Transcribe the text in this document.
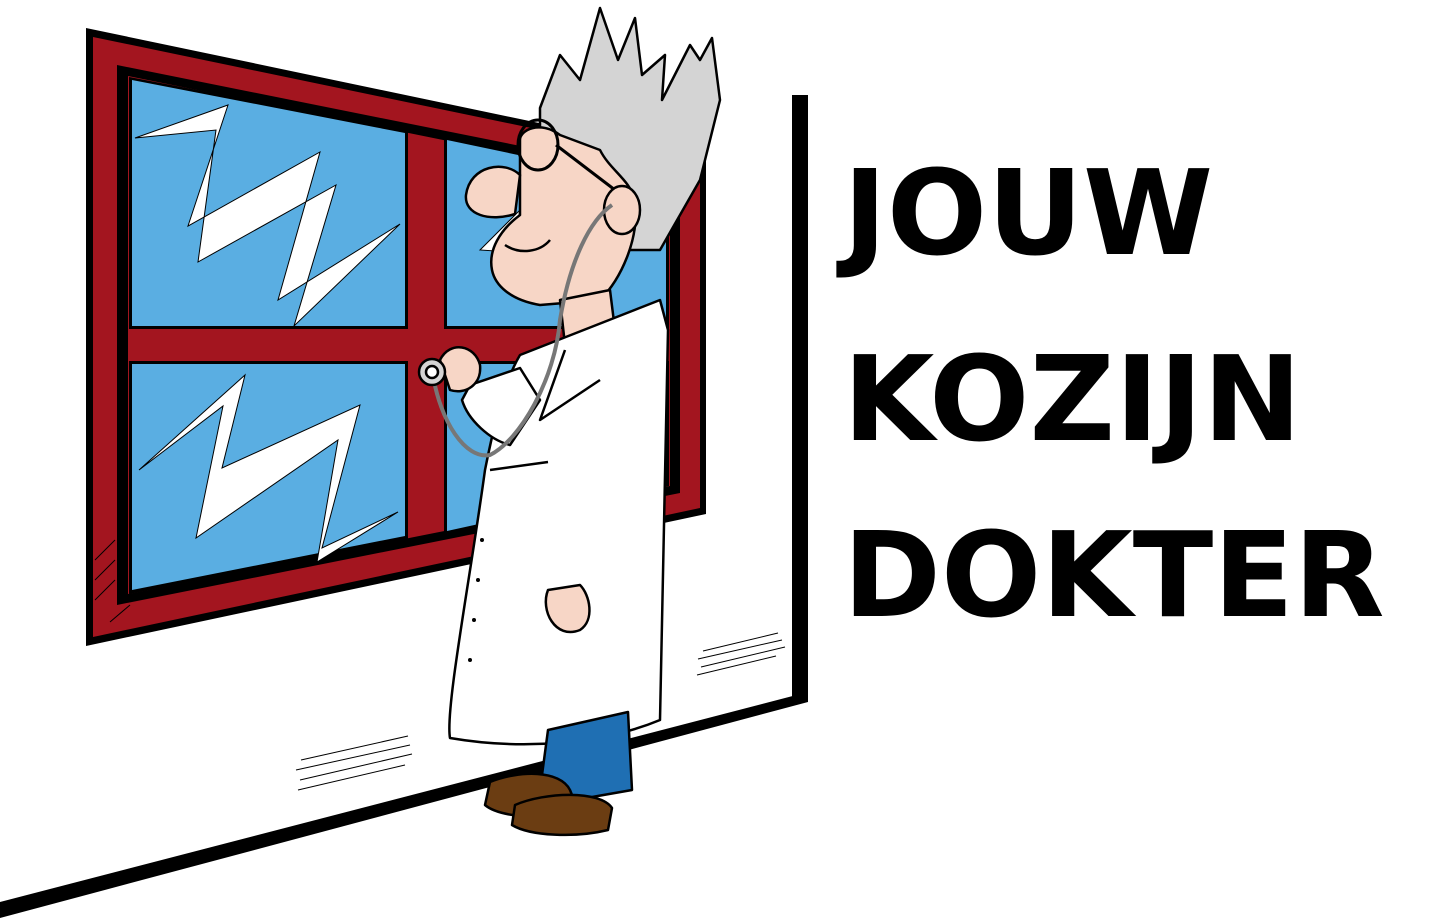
JOUW
KOZIJN
DOKTER
